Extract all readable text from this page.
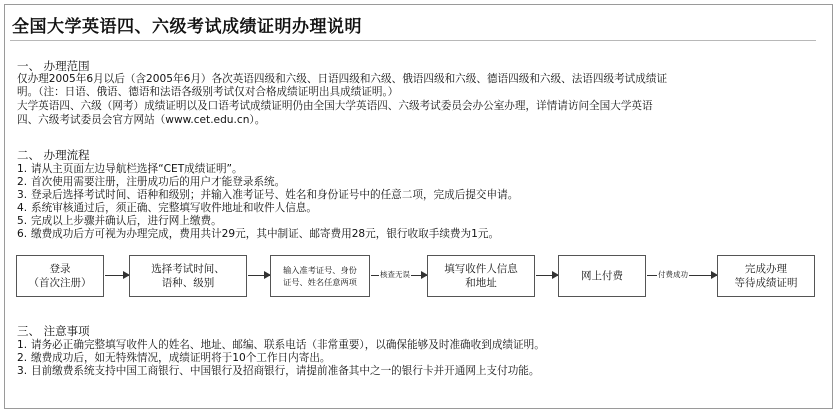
全国大学英语四、六级考试成绩证明办理说明
一、 办理范围
仅办理2005年6月以后（含2005年6月）各次英语四级和六级、日语四级和六级、俄语四级和六级、德语四级和六级、法语四级考试成绩证
明。（注：日语、俄语、德语和法语各级别考试仅对合格成绩证明出具成绩证明。）
大学英语四、六级（网考）成绩证明以及口语考试成绩证明仍由全国大学英语四、六级考试委员会办公室办理，详情请访问全国大学英语
四、六级考试委员会官方网站（www.cet.edu.cn）。
二、 办理流程
1. 请从主页面左边导航栏选择“CET成绩证明”。
2. 首次使用需要注册，注册成功后的用户才能登录系统。
3. 登录后选择考试时间、语种和级别；并输入准考证号、姓名和身份证号中的任意二项，完成后提交申请。
4. 系统审核通过后，须正确、完整填写收件地址和收件人信息。
5. 完成以上步骤并确认后，进行网上缴费。
6. 缴费成功后方可视为办理完成，费用共计29元，其中制证、邮寄费用28元，银行收取手续费为1元。
登录
（首次注册）
选择考试时间、
语种、级别
输入准考证号、身份
证号、姓名任意两项
核查无误	填写收件人信息
和地址
网上付费	付费成功	完成办理
等待成绩证明
三、 注意事项
1. 请务必正确完整填写收件人的姓名、地址、邮编、联系电话（非常重要），以确保能够及时准确收到成绩证明。
2. 缴费成功后，如无特殊情况，成绩证明将于10个工作日内寄出。
3. 目前缴费系统支持中国工商银行、中国银行及招商银行，请提前准备其中之一的银行卡并开通网上支付功能。
